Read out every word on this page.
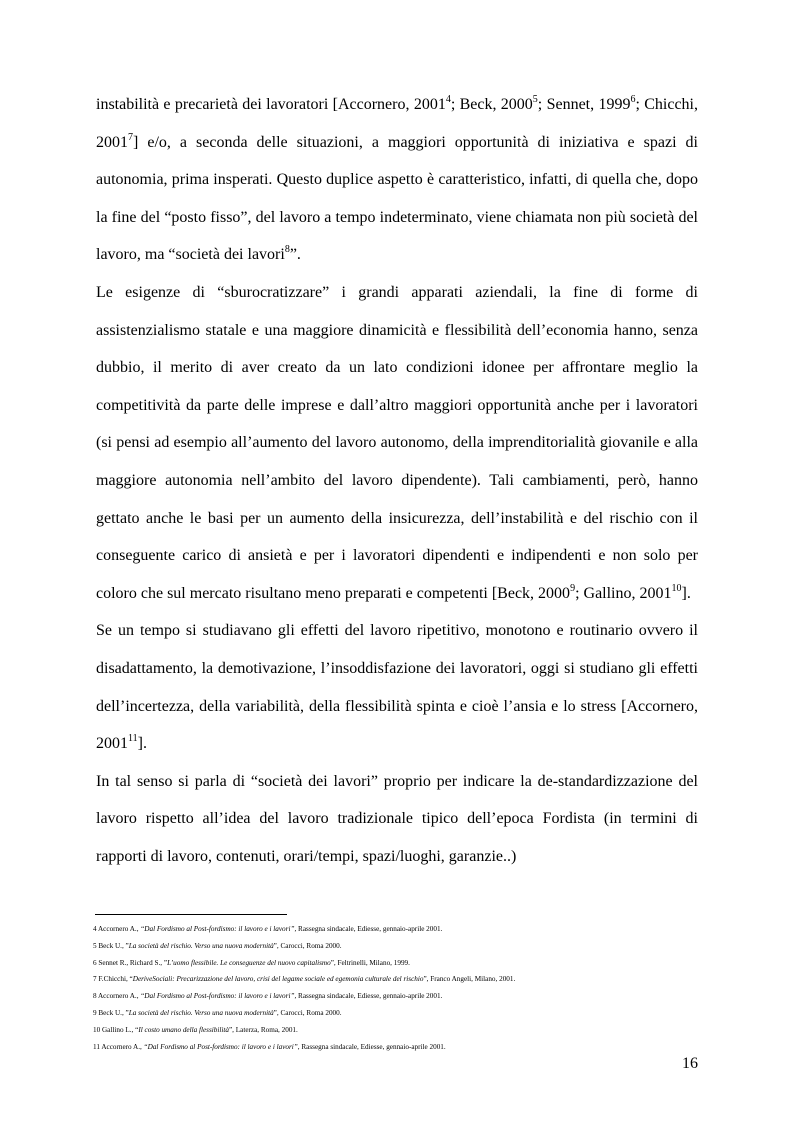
instabilità e precarietà dei lavoratori [Accornero, 2001$^4$; Beck, 2000$^5$; Sennet, 1999$^6$; Chicchi, 2001$^7$] e/o, a seconda delle situazioni, a maggiori opportunità di iniziativa e spazi di autonomia, prima insperati. Questo duplice aspetto è caratteristico, infatti, di quella che, dopo la fine del “posto fisso”, del lavoro a tempo indeterminato, viene chiamata non più società del lavoro, ma “società dei lavori$^8$”.

Le esigenze di “sburocratizzare” i grandi apparati aziendali, la fine di forme di assistenzialismo statale e una maggiore dinamicità e flessibilità dell’economia hanno, senza dubbio, il merito di aver creato da un lato condizioni idonee per affrontare meglio la competitività da parte delle imprese e dall’altro maggiori opportunità anche per i lavoratori (si pensi ad esempio all’aumento del lavoro autonomo, della imprenditorialità giovanile e alla maggiore autonomia nell’ambito del lavoro dipendente). Tali cambiamenti, però, hanno gettato anche le basi per un aumento della insicurezza, dell’instabilità e del rischio con il conseguente carico di ansietà e per i lavoratori dipendenti e indipendenti e non solo per coloro che sul mercato risultano meno preparati e competenti [Beck, 2000$^9$; Gallino, 2001$^{10}$].

Se un tempo si studiavano gli effetti del lavoro ripetitivo, monotono e routinario ovvero il disadattamento, la demotivazione, l’insoddisfazione dei lavoratori, oggi si studiano gli effetti dell’incertezza, della variabilità, della flessibilità spinta e cioè l’ansia e lo stress [Accornero, 2001$^{11}$].

In tal senso si parla di “società dei lavori” proprio per indicare la de-standardizzazione del lavoro rispetto all’idea del lavoro tradizionale tipico dell’epoca Fordista (in termini di rapporti di lavoro, contenuti, orari/tempi, spazi/luoghi, garanzie..)

4 Accornero A., “Dal Fordismo al Post-fordismo: il lavoro e i lavori”, Rassegna sindacale, Ediesse, gennaio-aprile 2001.

5 Beck U., ”La società del rischio. Verso una nuova modernità”, Carocci, Roma 2000.

6 Sennet R., Richard S., ”L’uomo flessibile. Le conseguenze del nuovo capitalismo”, Feltrinelli, Milano, 1999.

7 F.Chicchi, “DeriveSociali: Precarizzazione del lavoro, crisi del legame sociale ed egemonia culturale del rischio”, Franco Angeli, Milano, 2001.

8 Accornero A., “Dal Fordismo al Post-fordismo: il lavoro e i lavori”, Rassegna sindacale, Ediesse, gennaio-aprile 2001.

9 Beck U., ”La società del rischio. Verso una nuova modernità”, Carocci, Roma 2000.

10 Gallino L., “Il costo umano della flessibilità”, Laterza, Roma, 2001.

11 Accornero A., “Dal Fordismo al Post-fordismo: il lavoro e i lavori”, Rassegna sindacale, Ediesse, gennaio-aprile 2001.

16
